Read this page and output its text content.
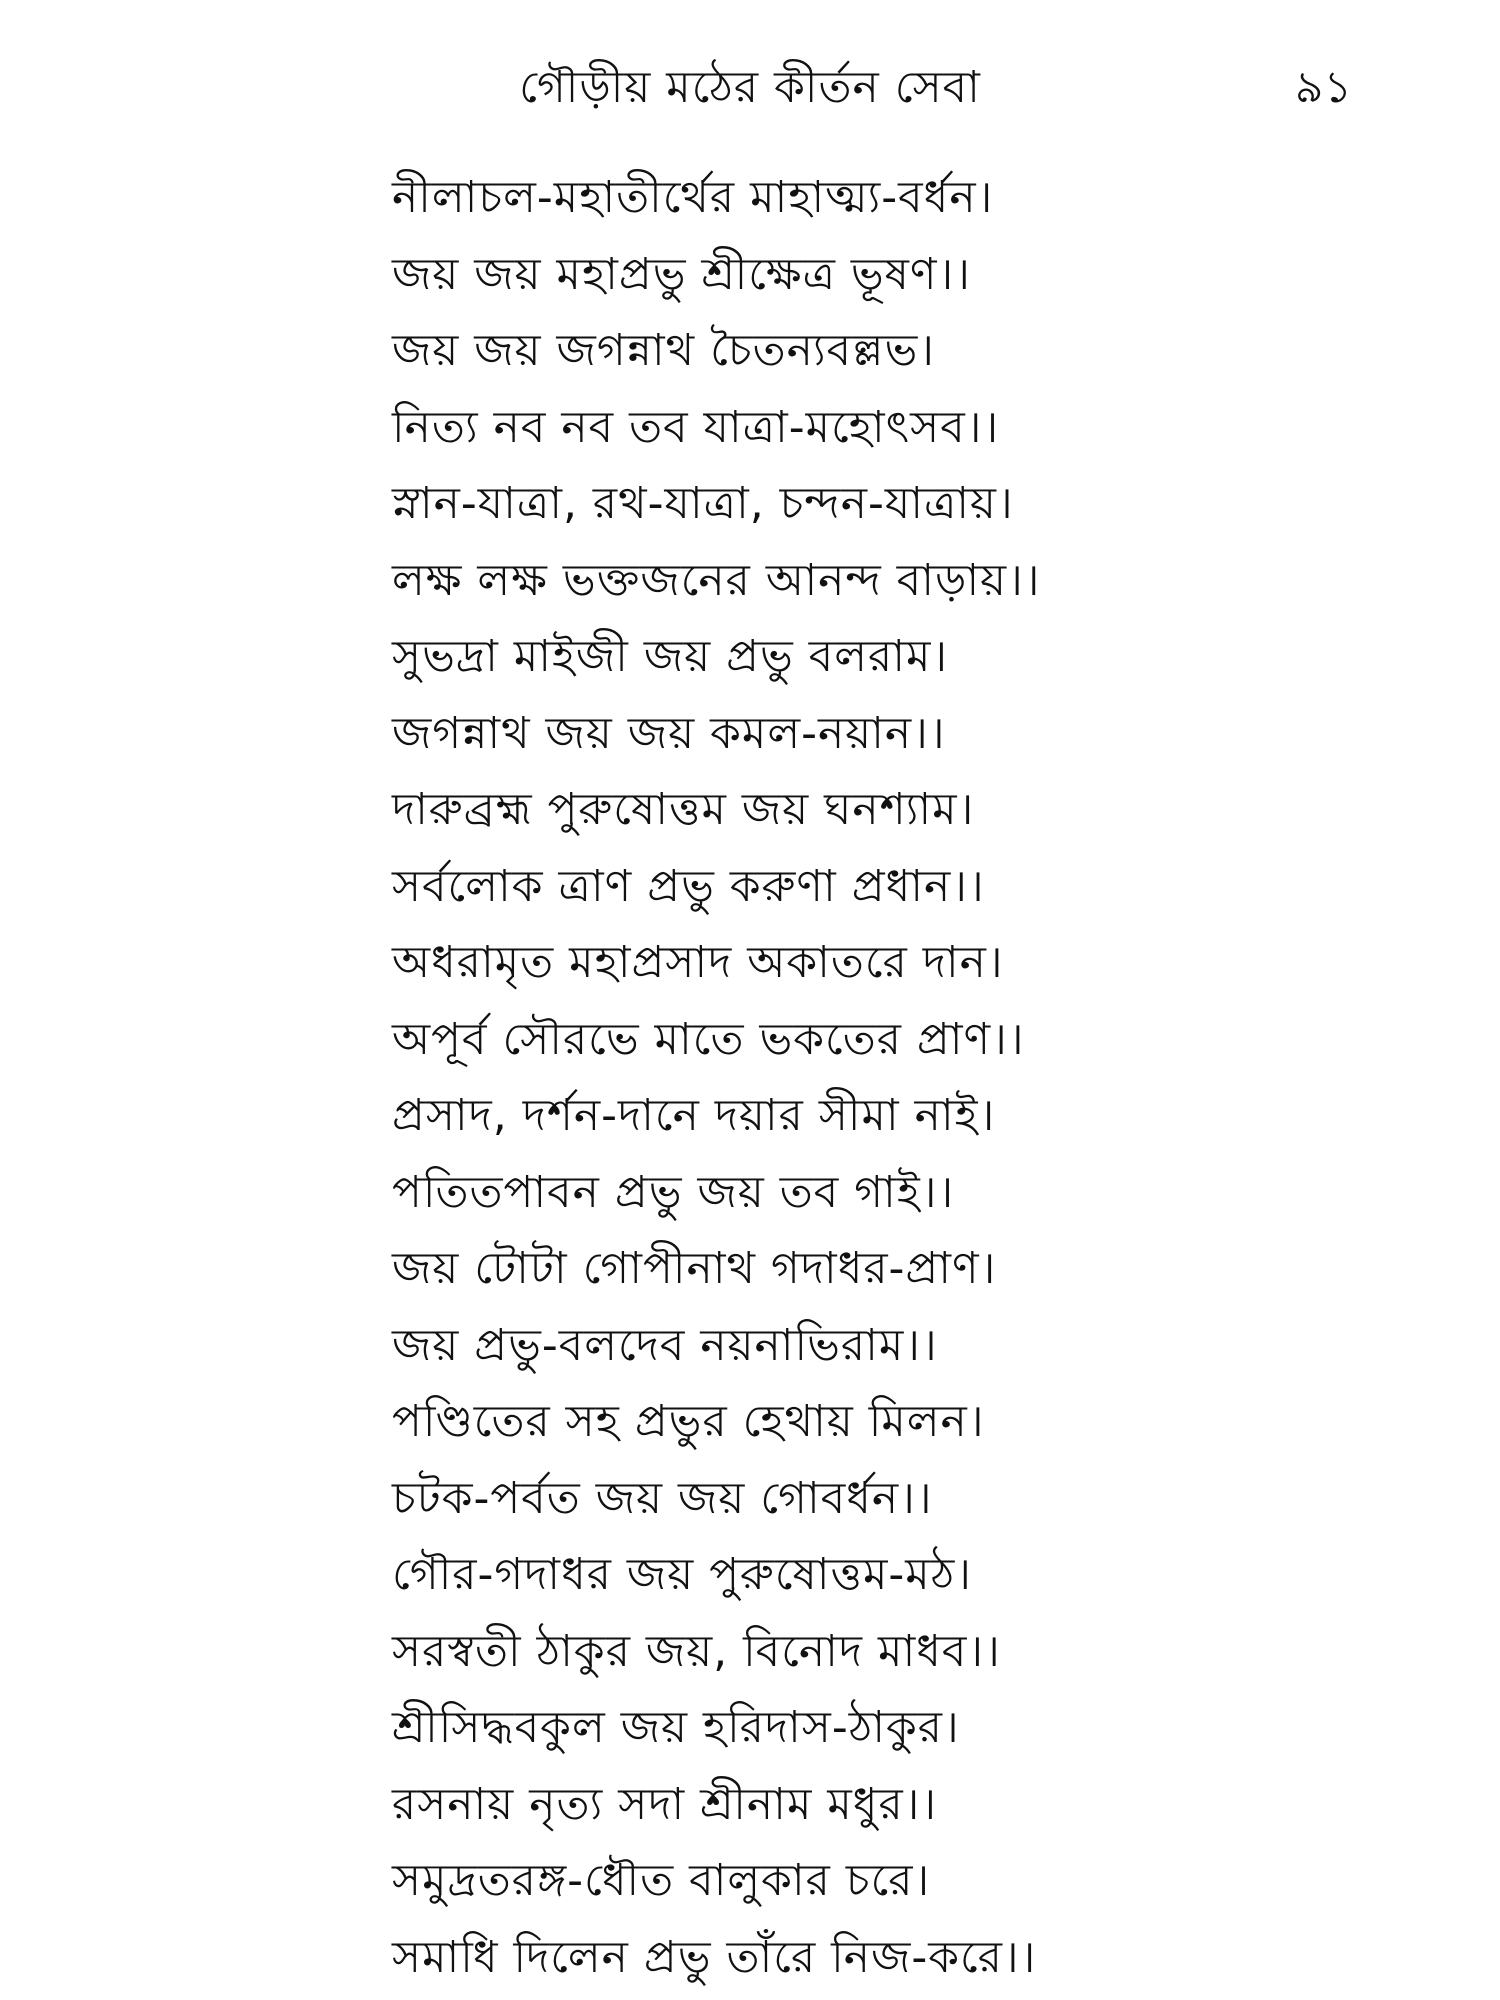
গৌড়ীয় মঠের কীর্তন সেবা	৯১
নীলাচল-মহাতীর্থের মাহাত্ম্য-বর্ধন।
জয় জয় মহাপ্রভু শ্রীক্ষেত্র ভূষণ।।
জয় জয় জগন্নাথ চৈতন্যবল্লভ।
নিত্য নব নব তব যাত্রা-মহোৎসব।।
স্নান-যাত্রা, রথ-যাত্রা, চন্দন-যাত্রায়।
লক্ষ লক্ষ ভক্তজনের আনন্দ বাড়ায়।।
সুভদ্রা মাইজী জয় প্রভু বলরাম।
জগন্নাথ জয় জয় কমল-নয়ান।।
দারুব্রহ্ম পুরুষোত্তম জয় ঘনশ্যাম।
সর্বলোক ত্রাণ প্রভু করুণা প্রধান।।
অধরামৃত মহাপ্রসাদ অকাতরে দান।
অপূর্ব সৌরভে মাতে ভকতের প্রাণ।।
প্রসাদ, দর্শন-দানে দয়ার সীমা নাই।
পতিতপাবন প্রভু জয় তব গাই।।
জয় টোটা গোপীনাথ গদাধর-প্রাণ।
জয় প্রভু-বলদেব নয়নাভিরাম।।
পণ্ডিতের সহ প্রভুর হেথায় মিলন।
চটক-পর্বত জয় জয় গোবর্ধন।।
গৌর-গদাধর জয় পুরুষোত্তম-মঠ।
সরস্বতী ঠাকুর জয়, বিনোদ মাধব।।
শ্রীসিদ্ধবকুল জয় হরিদাস-ঠাকুর।
রসনায় নৃত্য সদা শ্রীনাম মধুর।।
সমুদ্রতরঙ্গ-ধৌত বালুকার চরে।
সমাধি দিলেন প্রভু তাঁরে নিজ-করে।।
